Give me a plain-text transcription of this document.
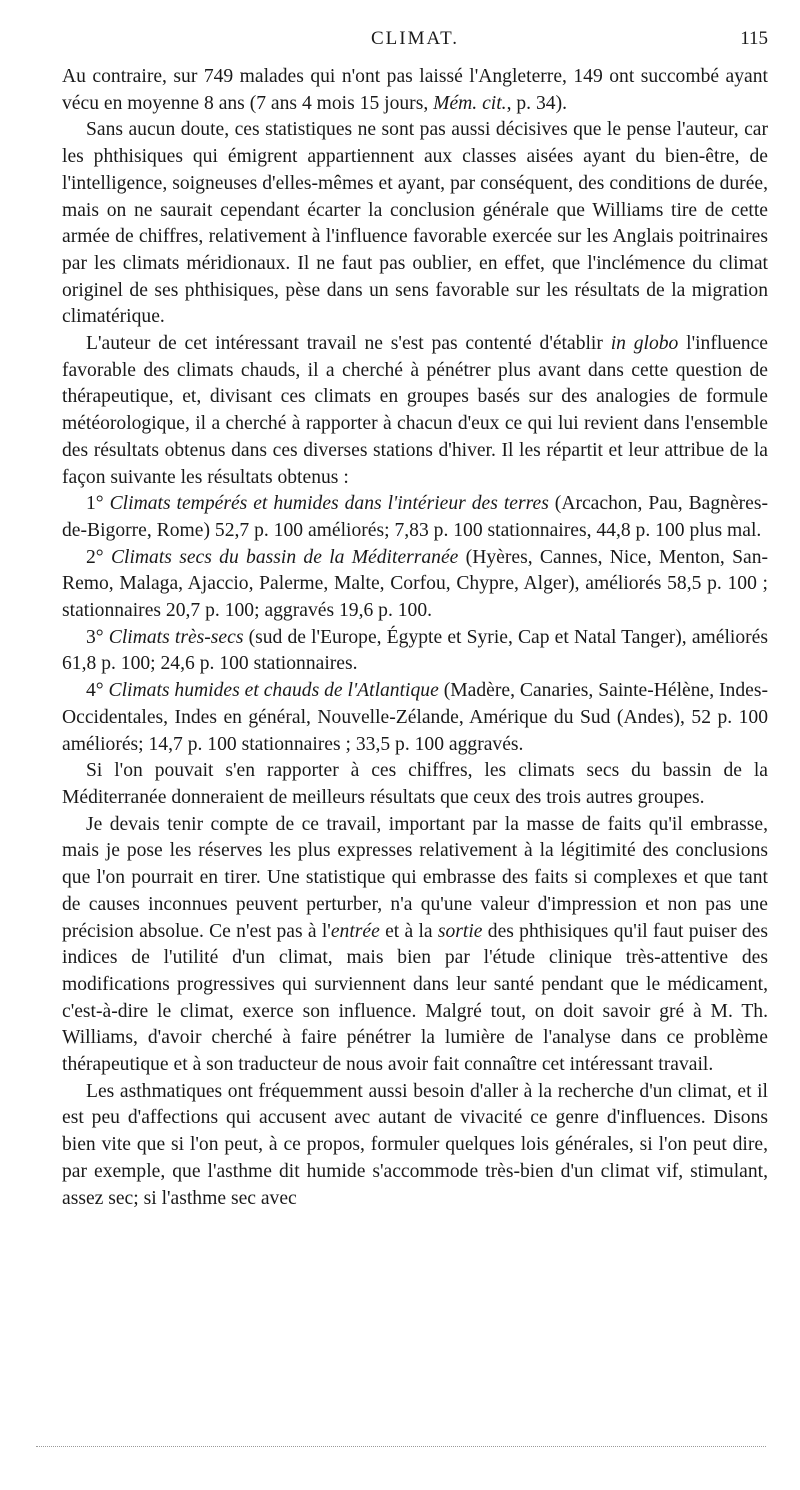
CLIMAT.	115

Au contraire, sur 749 malades qui n'ont pas laissé l'Angleterre, 149 ont succombé ayant vécu en moyenne 8 ans (7 ans 4 mois 15 jours, Mém. cit., p. 34).

Sans aucun doute, ces statistiques ne sont pas aussi décisives que le pense l'auteur, car les phthisiques qui émigrent appartiennent aux classes aisées ayant du bien-être, de l'intelligence, soigneuses d'elles-mêmes et ayant, par conséquent, des conditions de durée, mais on ne saurait cependant écarter la conclusion générale que Williams tire de cette armée de chiffres, relativement à l'influence favorable exercée sur les Anglais poitrinaires par les climats méridionaux. Il ne faut pas oublier, en effet, que l'inclémence du climat originel de ses phthisiques, pèse dans un sens favorable sur les résultats de la migration climatérique.

L'auteur de cet intéressant travail ne s'est pas contenté d'établir in globo l'influence favorable des climats chauds, il a cherché à pénétrer plus avant dans cette question de thérapeutique, et, divisant ces climats en groupes basés sur des analogies de formule météorologique, il a cherché à rapporter à chacun d'eux ce qui lui revient dans l'ensemble des résultats obtenus dans ces diverses stations d'hiver. Il les répartit et leur attribue de la façon suivante les résultats obtenus :

1° Climats tempérés et humides dans l'intérieur des terres (Arcachon, Pau, Bagnères-de-Bigorre, Rome) 52,7 p. 100 améliorés; 7,83 p. 100 stationnaires, 44,8 p. 100 plus mal.

2° Climats secs du bassin de la Méditerranée (Hyères, Cannes, Nice, Menton, San-Remo, Malaga, Ajaccio, Palerme, Malte, Corfou, Chypre, Alger), améliorés 58,5 p. 100 ; stationnaires 20,7 p. 100; aggravés 19,6 p. 100.

3° Climats très-secs (sud de l'Europe, Égypte et Syrie, Cap et Natal Tanger), améliorés 61,8 p. 100; 24,6 p. 100 stationnaires.

4° Climats humides et chauds de l'Atlantique (Madère, Canaries, Sainte-Hélène, Indes-Occidentales, Indes en général, Nouvelle-Zélande, Amérique du Sud (Andes), 52 p. 100 améliorés; 14,7 p. 100 stationnaires ; 33,5 p. 100 aggravés.

Si l'on pouvait s'en rapporter à ces chiffres, les climats secs du bassin de la Méditerranée donneraient de meilleurs résultats que ceux des trois autres groupes.

Je devais tenir compte de ce travail, important par la masse de faits qu'il embrasse, mais je pose les réserves les plus expresses relativement à la légitimité des conclusions que l'on pourrait en tirer. Une statistique qui embrasse des faits si complexes et que tant de causes inconnues peuvent perturber, n'a qu'une valeur d'impression et non pas une précision absolue. Ce n'est pas à l'entrée et à la sortie des phthisiques qu'il faut puiser des indices de l'utilité d'un climat, mais bien par l'étude clinique très-attentive des modifications progressives qui surviennent dans leur santé pendant que le médicament, c'est-à-dire le climat, exerce son influence. Malgré tout, on doit savoir gré à M. Th. Williams, d'avoir cherché à faire pénétrer la lumière de l'analyse dans ce problème thérapeutique et à son traducteur de nous avoir fait connaître cet intéressant travail.

Les asthmatiques ont fréquemment aussi besoin d'aller à la recherche d'un climat, et il est peu d'affections qui accusent avec autant de vivacité ce genre d'influences. Disons bien vite que si l'on peut, à ce propos, formuler quelques lois générales, si l'on peut dire, par exemple, que l'asthme dit humide s'accommode très-bien d'un climat vif, stimulant, assez sec; si l'asthme sec avec
